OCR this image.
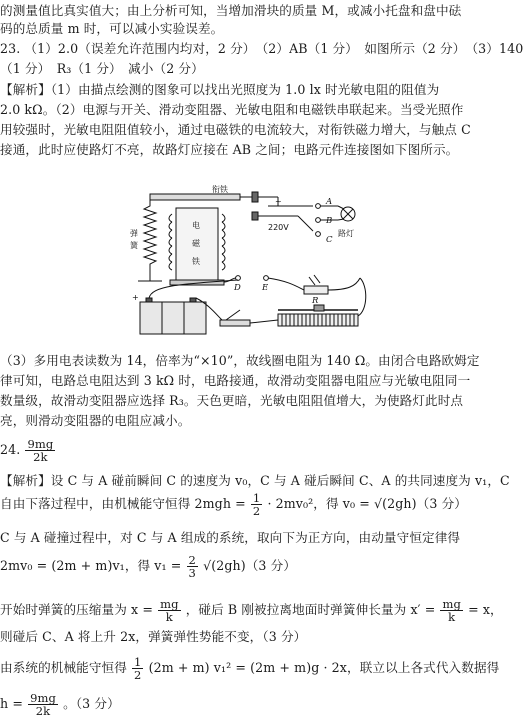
的测量值比真实值大；由上分析可知，当增加滑块的质量 M，或减小托盘和盘中砝
码的总质量 m 时，可以减小实验误差。
23. （1）2.0（误差允许范围内均对，2 分）　（2）AB（1 分）　如图所示（2 分）　（3）140
（1 分）　R₃（1 分）　减小（2 分）
【解析】（1）由描点绘测的图象可以找出光照度为 1.0 lx 时光敏电阻的阻值为
2.0 kΩ。（2）电源与开关、滑动变阻器、光敏电阻和电磁铁串联起来。当受光照作
用较强时，光敏电阻阻值较小，通过电磁铁的电流较大，对衔铁磁力增大，与触点 C
接通，此时应使路灯不亮，故路灯应接在 AB 之间；电路元件连接图如下图所示。
衔铁
弹
簧
电
磁
铁
~
220V
A
B
C
路灯
D E
R
+
（3）多用电表读数为 14，倍率为“×10”，故线圈电阻为 140 Ω。由闭合电路欧姆定
律可知，电路总电阻达到 3 kΩ 时，电路接通，故滑动变阻器电阻应与光敏电阻同一
数量级，故滑动变阻器应选择 R₃。天色更暗，光敏电阻阻值增大，为使路灯此时点
亮，则滑动变阻器的电阻应减小。
24. $\frac{9mg}{2k}$
【解析】设 C 与 A 碰前瞬间 C 的速度为 v₀，C 与 A 碰后瞬间 C、A 的共同速度为 v₁，C
自由下落过程中，由机械能守恒得 $2mgh = \frac{1}{2} \cdot 2mv_0^2$，得 v₀ = √(2gh)（3 分）
C 与 A 碰撞过程中，对 C 与 A 组成的系统，取向下为正方向，由动量守恒定律得
2mv₀ = (2m + m)v₁，得 $v_1 = \frac{2}{3} √(2gh)(3$ 分）
开始时弹簧的压缩量为 $x = \frac{mg}{k}$ ，碰后 B 刚被拉离地面时弹簧伸长量为 $x' = \frac{mg}{k} = x$，
则碰后 C、A 将上升 2x，弹簧弹性势能不变，（3 分）
由系统的机械能守恒得 $\frac{1}{2} (2m + m) v_1^2 = (2m + m)g \cdot 2x$，联立以上各式代入数据得
$h = \frac{9mg}{2k}$ 。（3 分）
